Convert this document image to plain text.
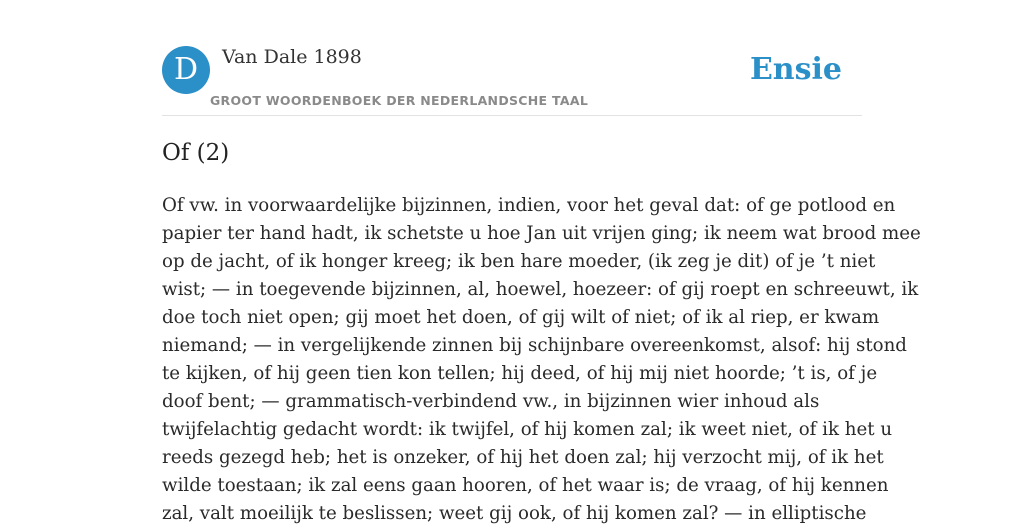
D	Van Dale 1898
GROOT WOORDENBOEK DER NEDERLANDSCHE TAAL
Ensie
Of (2)
Of vw. in voorwaardelijke bijzinnen, indien, voor het geval dat: of ge potlood en
papier ter hand hadt, ik schetste u hoe Jan uit vrijen ging; ik neem wat brood mee
op de jacht, of ik honger kreeg; ik ben hare moeder, (ik zeg je dit) of je ’t niet
wist; — in toegevende bijzinnen, al, hoewel, hoezeer: of gij roept en schreeuwt, ik
doe toch niet open; gij moet het doen, of gij wilt of niet; of ik al riep, er kwam
niemand; — in vergelijkende zinnen bij schijnbare overeenkomst, alsof: hij stond
te kijken, of hij geen tien kon tellen; hij deed, of hij mij niet hoorde; ’t is, of je
doof bent; — grammatisch-verbindend vw., in bijzinnen wier inhoud als
twijfelachtig gedacht wordt: ik twijfel, of hij komen zal; ik weet niet, of ik het u
reeds gezegd heb; het is onzeker, of hij het doen zal; hij verzocht mij, of ik het
wilde toestaan; ik zal eens gaan hooren, of het waar is; de vraag, of hij kennen
zal, valt moeilijk te beslissen; weet gij ook, of hij komen zal? — in elliptische
